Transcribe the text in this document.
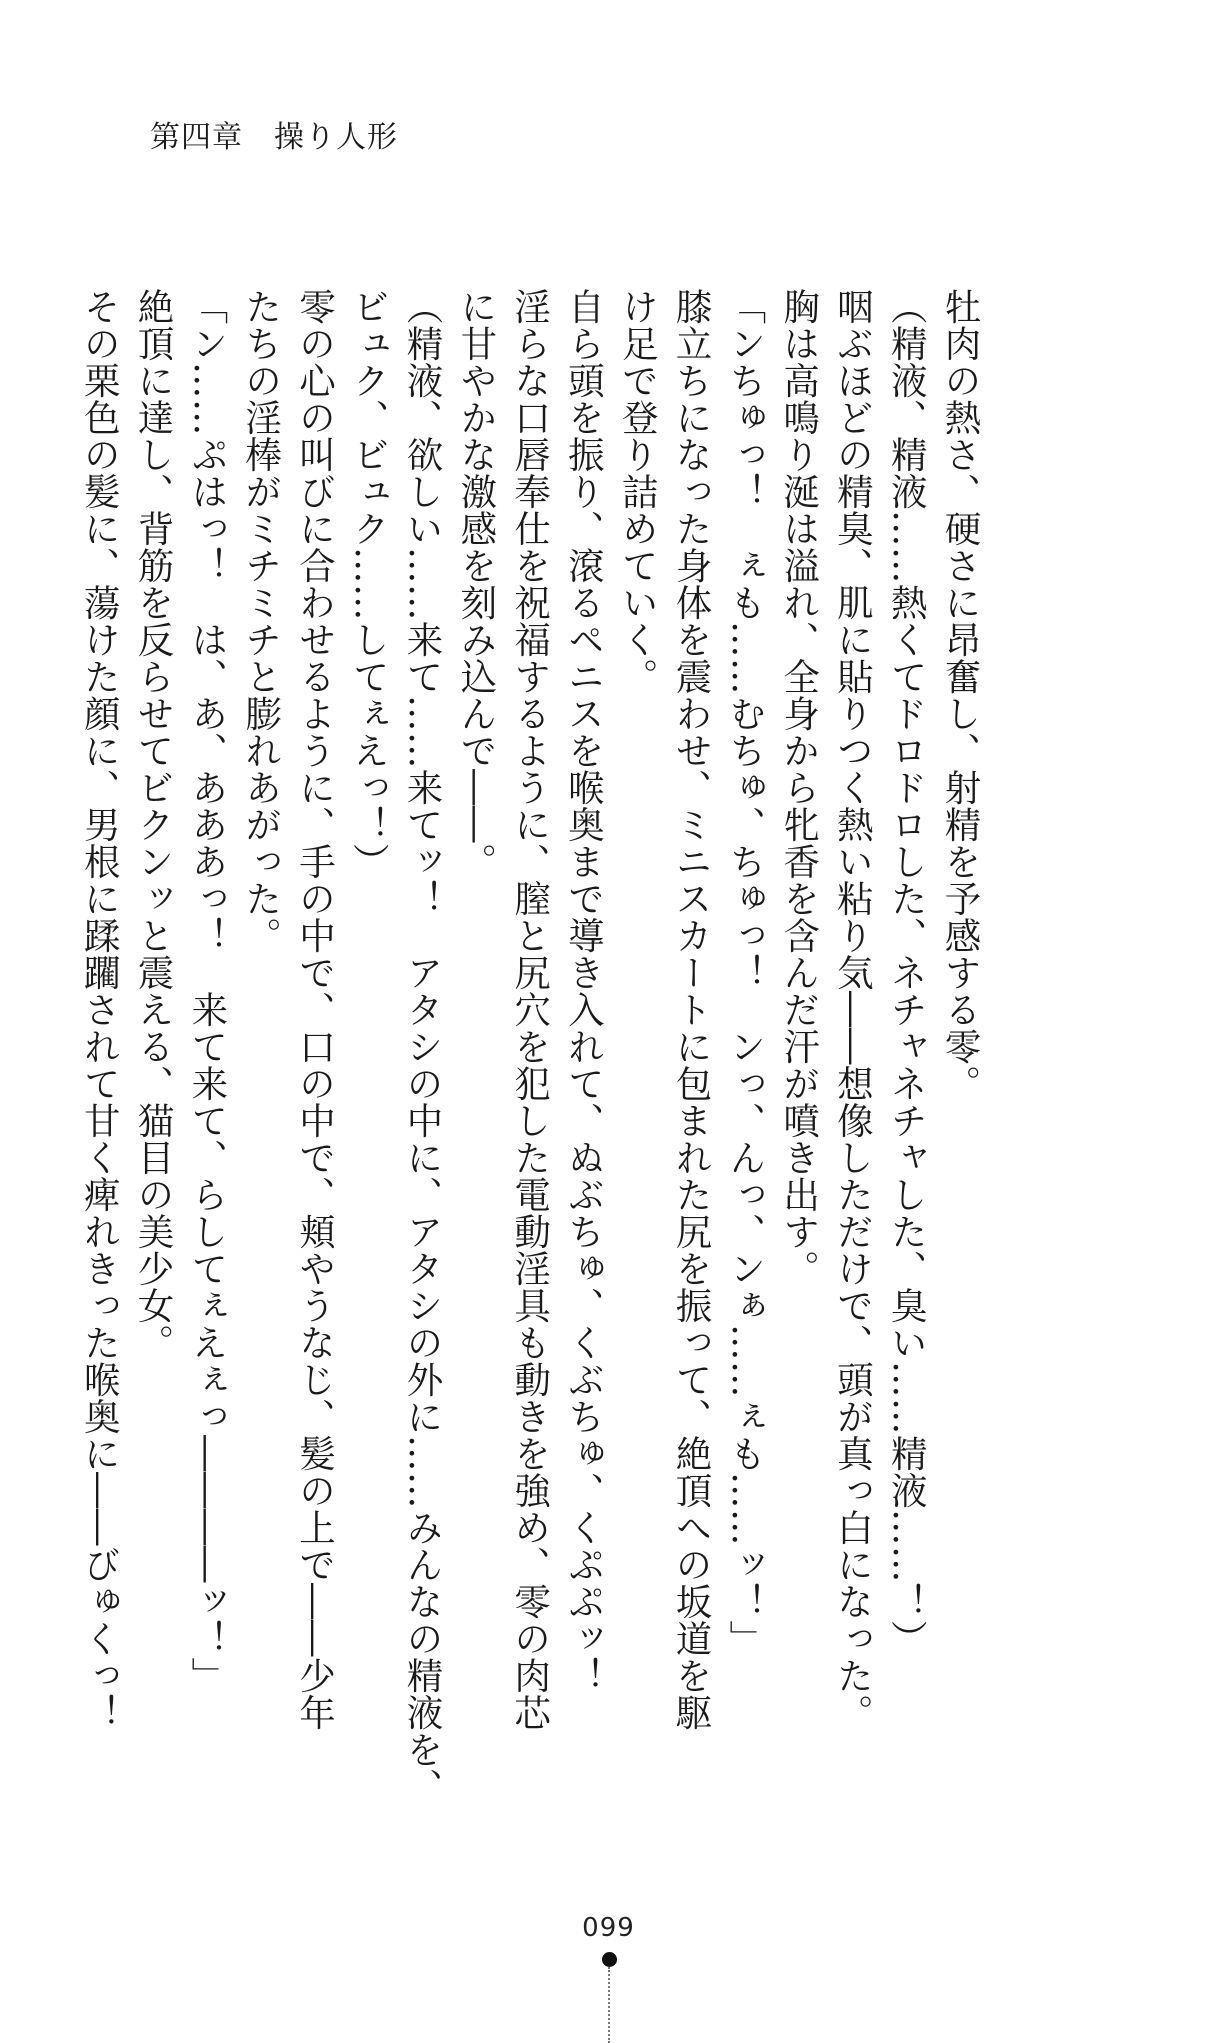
第四章　操り人形
牡肉の熱さ、硬さに昂奮し、射精を予感する零。
（精液、精液……熱くてドロドロした、ネチャネチャした、臭い……精液……！）
咽ぶほどの精臭、肌に貼りつく熱い粘り気――想像しただけで、頭が真っ白になった。
胸は高鳴り涎は溢れ、全身から牝香を含んだ汗が噴き出す。
「ンちゅっ！　ぇも……むちゅ、ちゅっ！　ンっ、んっ、ンぁ……ぇも……ッ！」
膝立ちになった身体を震わせ、ミニスカートに包まれた尻を振って、絶頂への坂道を駆
け足で登り詰めていく。
自ら頭を振り、滾るペニスを喉奥まで導き入れて、ぬぶちゅ、くぶちゅ、くぷぷッ！
淫らな口唇奉仕を祝福するように、膣と尻穴を犯した電動淫具も動きを強め、零の肉芯
に甘やかな激感を刻み込んで――。
（精液、欲しい……来て……来てッ！　アタシの中に、アタシの外に……みんなの精液を、
ビュク、ビュク……してぇえっ！）
零の心の叫びに合わせるように、手の中で、口の中で、頬やうなじ、髪の上で――少年
たちの淫棒がミチミチと膨れあがった。
「ン……ぷはっ！　は、あ、あああっ！　来て来て、らしてぇえぇっ――――ッ！」
絶頂に達し、背筋を反らせてビクンッと震える、猫目の美少女。
その栗色の髪に、蕩けた顔に、男根に蹂躙されて甘く痺れきった喉奥に――びゅくっ！
099
